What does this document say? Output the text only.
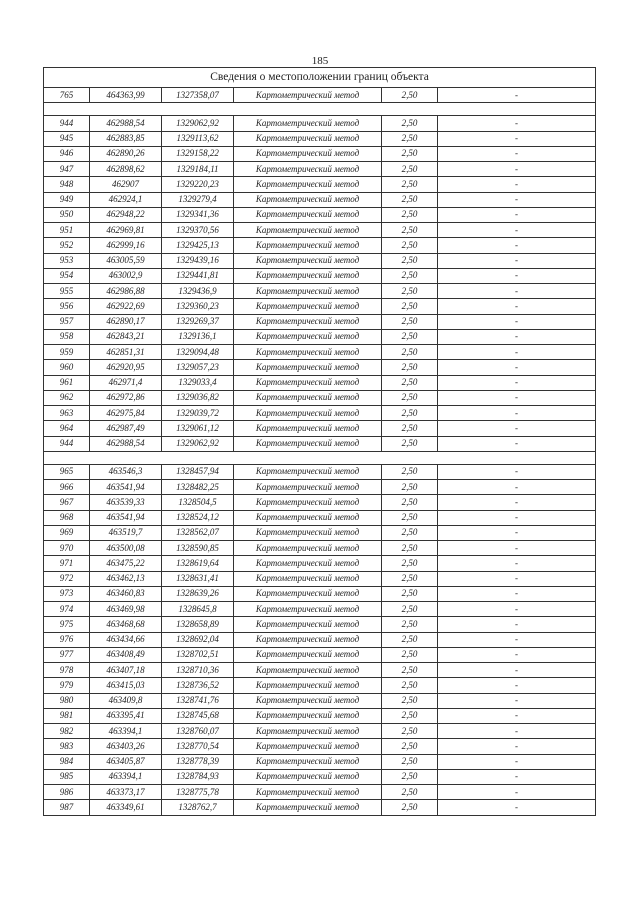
185
Сведения о местоположении границ объекта					
765	464363,99	1327358,07	Картометрический метод	2,50	-

944	462988,54	1329062,92	Картометрический метод	2,50	-
945	462883,85	1329113,62	Картометрический метод	2,50	-
946	462890,26	1329158,22	Картометрический метод	2,50	-
947	462898,62	1329184,11	Картометрический метод	2,50	-
948	462907	1329220,23	Картометрический метод	2,50	-
949	462924,1	1329279,4	Картометрический метод	2,50	-
950	462948,22	1329341,36	Картометрический метод	2,50	-
951	462969,81	1329370,56	Картометрический метод	2,50	-
952	462999,16	1329425,13	Картометрический метод	2,50	-
953	463005,59	1329439,16	Картометрический метод	2,50	-
954	463002,9	1329441,81	Картометрический метод	2,50	-
955	462986,88	1329436,9	Картометрический метод	2,50	-
956	462922,69	1329360,23	Картометрический метод	2,50	-
957	462890,17	1329269,37	Картометрический метод	2,50	-
958	462843,21	1329136,1	Картометрический метод	2,50	-
959	462851,31	1329094,48	Картометрический метод	2,50	-
960	462920,95	1329057,23	Картометрический метод	2,50	-
961	462971,4	1329033,4	Картометрический метод	2,50	-
962	462972,86	1329036,82	Картометрический метод	2,50	-
963	462975,84	1329039,72	Картометрический метод	2,50	-
964	462987,49	1329061,12	Картометрический метод	2,50	-
944	462988,54	1329062,92	Картометрический метод	2,50	-

965	463546,3	1328457,94	Картометрический метод	2,50	-
966	463541,94	1328482,25	Картометрический метод	2,50	-
967	463539,33	1328504,5	Картометрический метод	2,50	-
968	463541,94	1328524,12	Картометрический метод	2,50	-
969	463519,7	1328562,07	Картометрический метод	2,50	-
970	463500,08	1328590,85	Картометрический метод	2,50	-
971	463475,22	1328619,64	Картометрический метод	2,50	-
972	463462,13	1328631,41	Картометрический метод	2,50	-
973	463460,83	1328639,26	Картометрический метод	2,50	-
974	463469,98	1328645,8	Картометрический метод	2,50	-
975	463468,68	1328658,89	Картометрический метод	2,50	-
976	463434,66	1328692,04	Картометрический метод	2,50	-
977	463408,49	1328702,51	Картометрический метод	2,50	-
978	463407,18	1328710,36	Картометрический метод	2,50	-
979	463415,03	1328736,52	Картометрический метод	2,50	-
980	463409,8	1328741,76	Картометрический метод	2,50	-
981	463395,41	1328745,68	Картометрический метод	2,50	-
982	463394,1	1328760,07	Картометрический метод	2,50	-
983	463403,26	1328770,54	Картометрический метод	2,50	-
984	463405,87	1328778,39	Картометрический метод	2,50	-
985	463394,1	1328784,93	Картометрический метод	2,50	-
986	463373,17	1328775,78	Картометрический метод	2,50	-
987	463349,61	1328762,7	Картометрический метод	2,50	-
